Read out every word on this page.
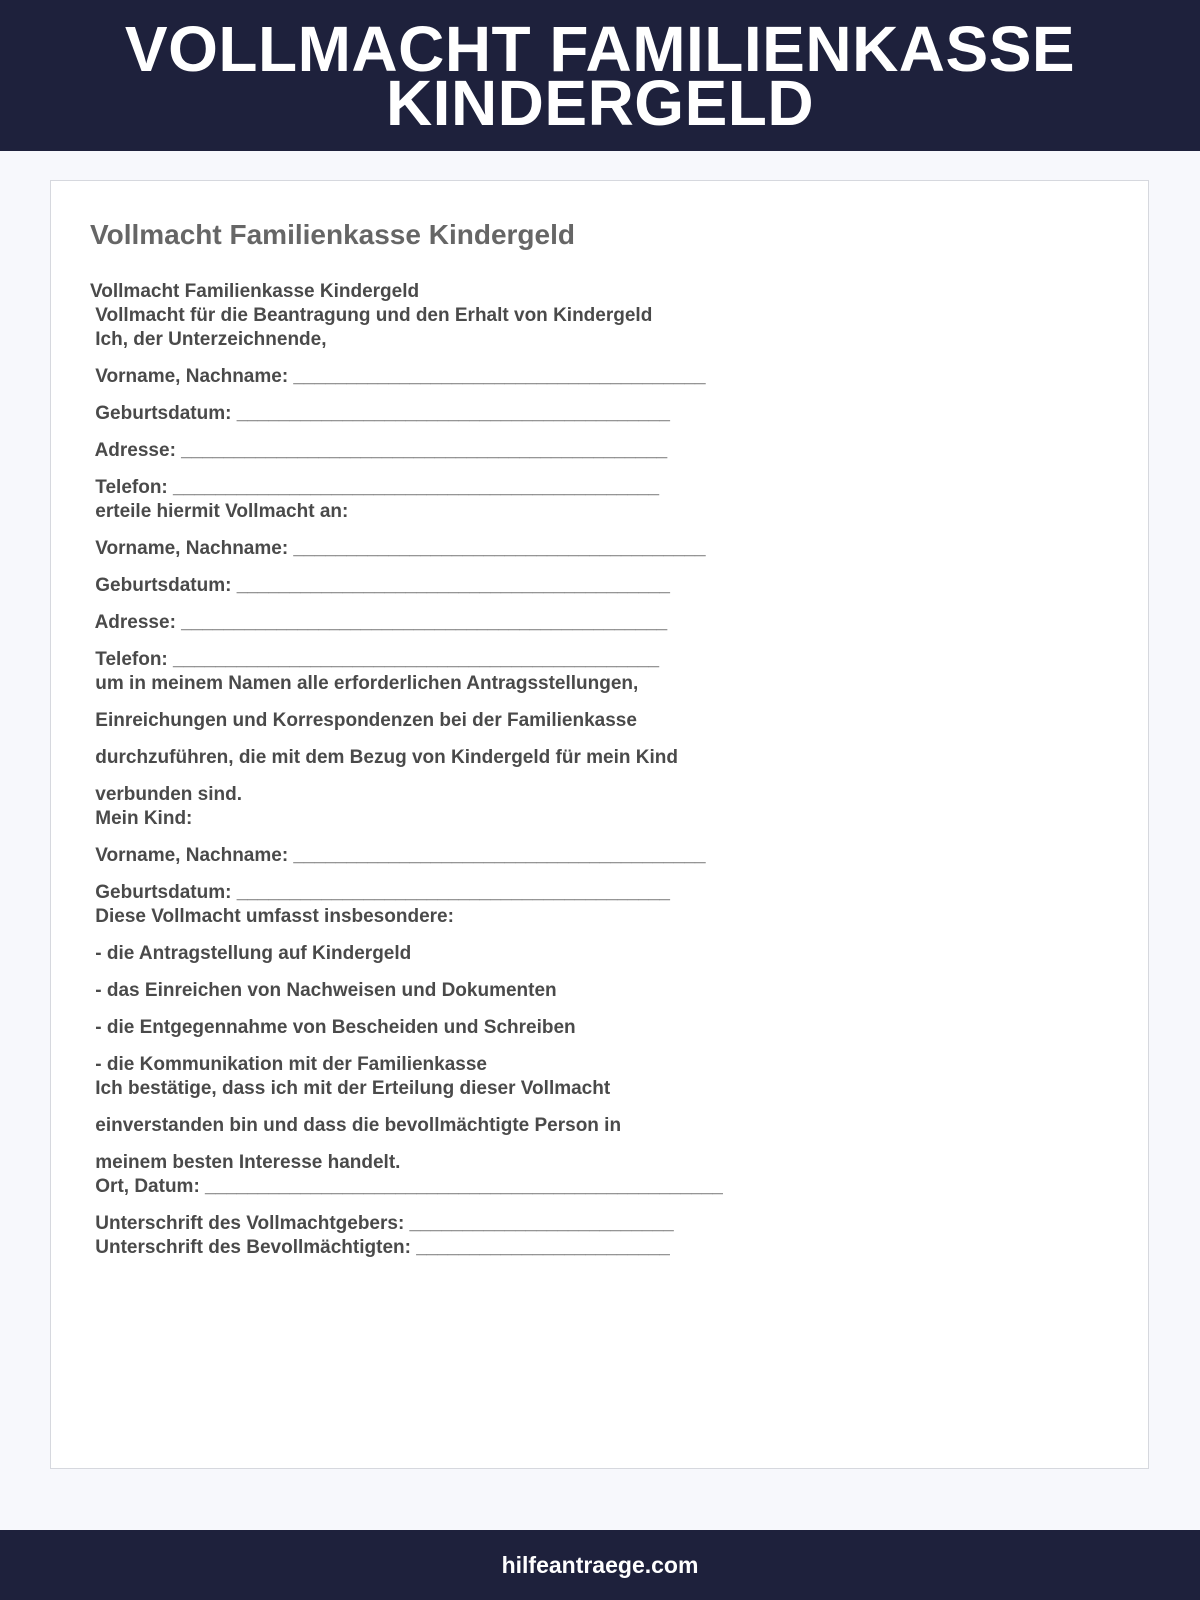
VOLLMACHT FAMILIENKASSE
KINDERGELD
Vollmacht Familienkasse Kindergeld
Vollmacht Familienkasse Kindergeld
Vollmacht für die Beantragung und den Erhalt von Kindergeld
Ich, der Unterzeichnende,
Vorname, Nachname: _______________________________________
Geburtsdatum: _________________________________________
Adresse: ______________________________________________
Telefon: ______________________________________________
erteile hiermit Vollmacht an:
Vorname, Nachname: _______________________________________
Geburtsdatum: _________________________________________
Adresse: ______________________________________________
Telefon: ______________________________________________
um in meinem Namen alle erforderlichen Antragsstellungen,
Einreichungen und Korrespondenzen bei der Familienkasse
durchzuführen, die mit dem Bezug von Kindergeld für mein Kind
verbunden sind.
Mein Kind:
Vorname, Nachname: _______________________________________
Geburtsdatum: _________________________________________
Diese Vollmacht umfasst insbesondere:
- die Antragstellung auf Kindergeld
- das Einreichen von Nachweisen und Dokumenten
- die Entgegennahme von Bescheiden und Schreiben
- die Kommunikation mit der Familienkasse
Ich bestätige, dass ich mit der Erteilung dieser Vollmacht
einverstanden bin und dass die bevollmächtigte Person in
meinem besten Interesse handelt.
Ort, Datum: _________________________________________________
Unterschrift des Vollmachtgebers: _________________________
Unterschrift des Bevollmächtigten: ________________________
hilfeantraege.com
